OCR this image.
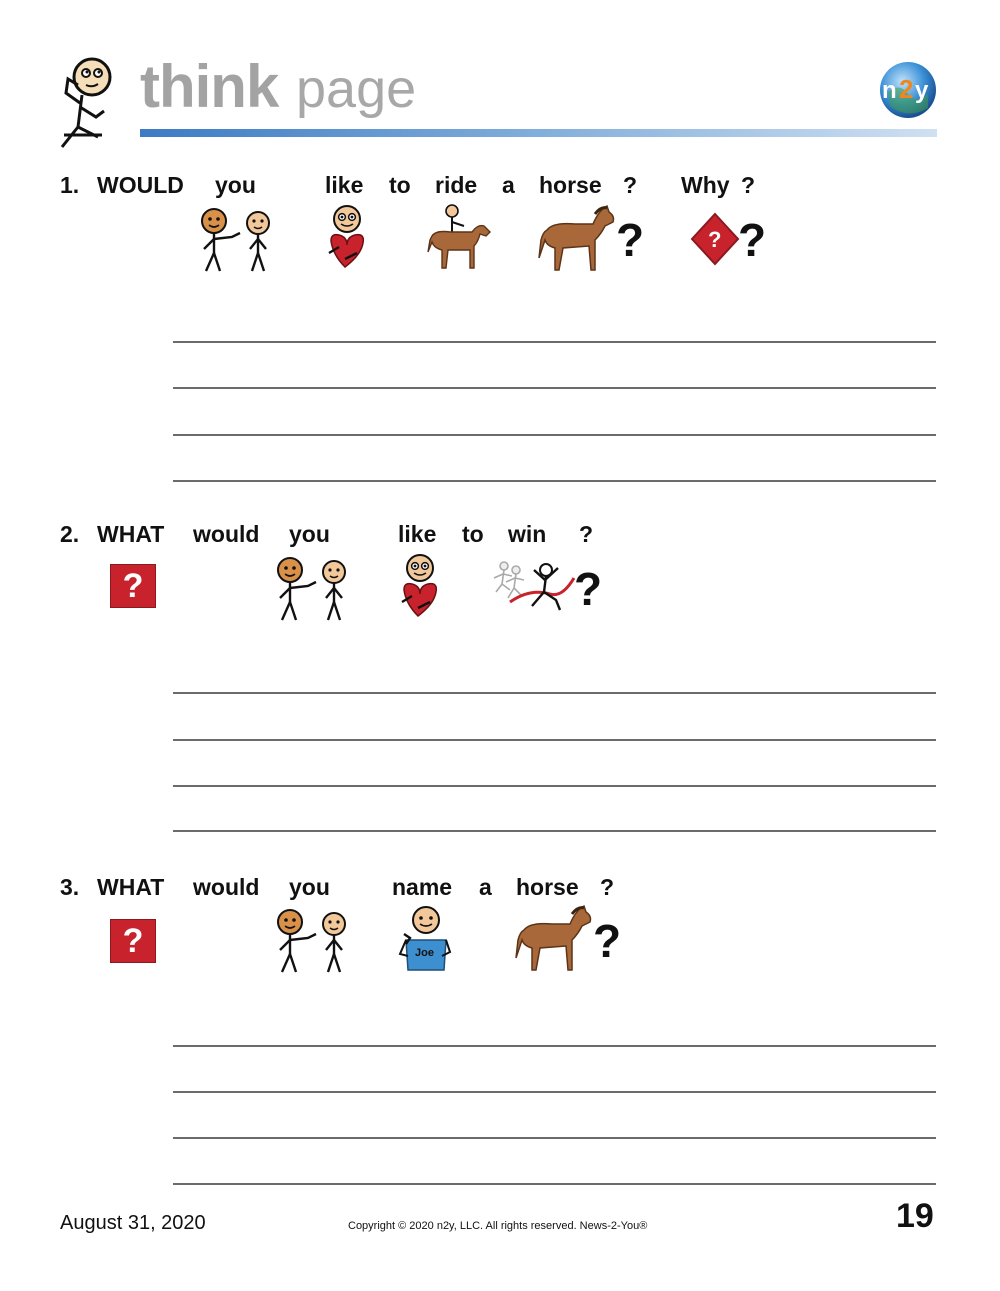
think page	n 2 y
1. WOULD you	like to ride a horse ? Why ?
?	? ?
2. WHAT would you	like to win ?
?	?
3. WHAT would you	name a horse ?
?	Joe	?
August 31, 2020	Copyright © 2020 n2y, LLC. All rights reserved. News-2-You®	19
